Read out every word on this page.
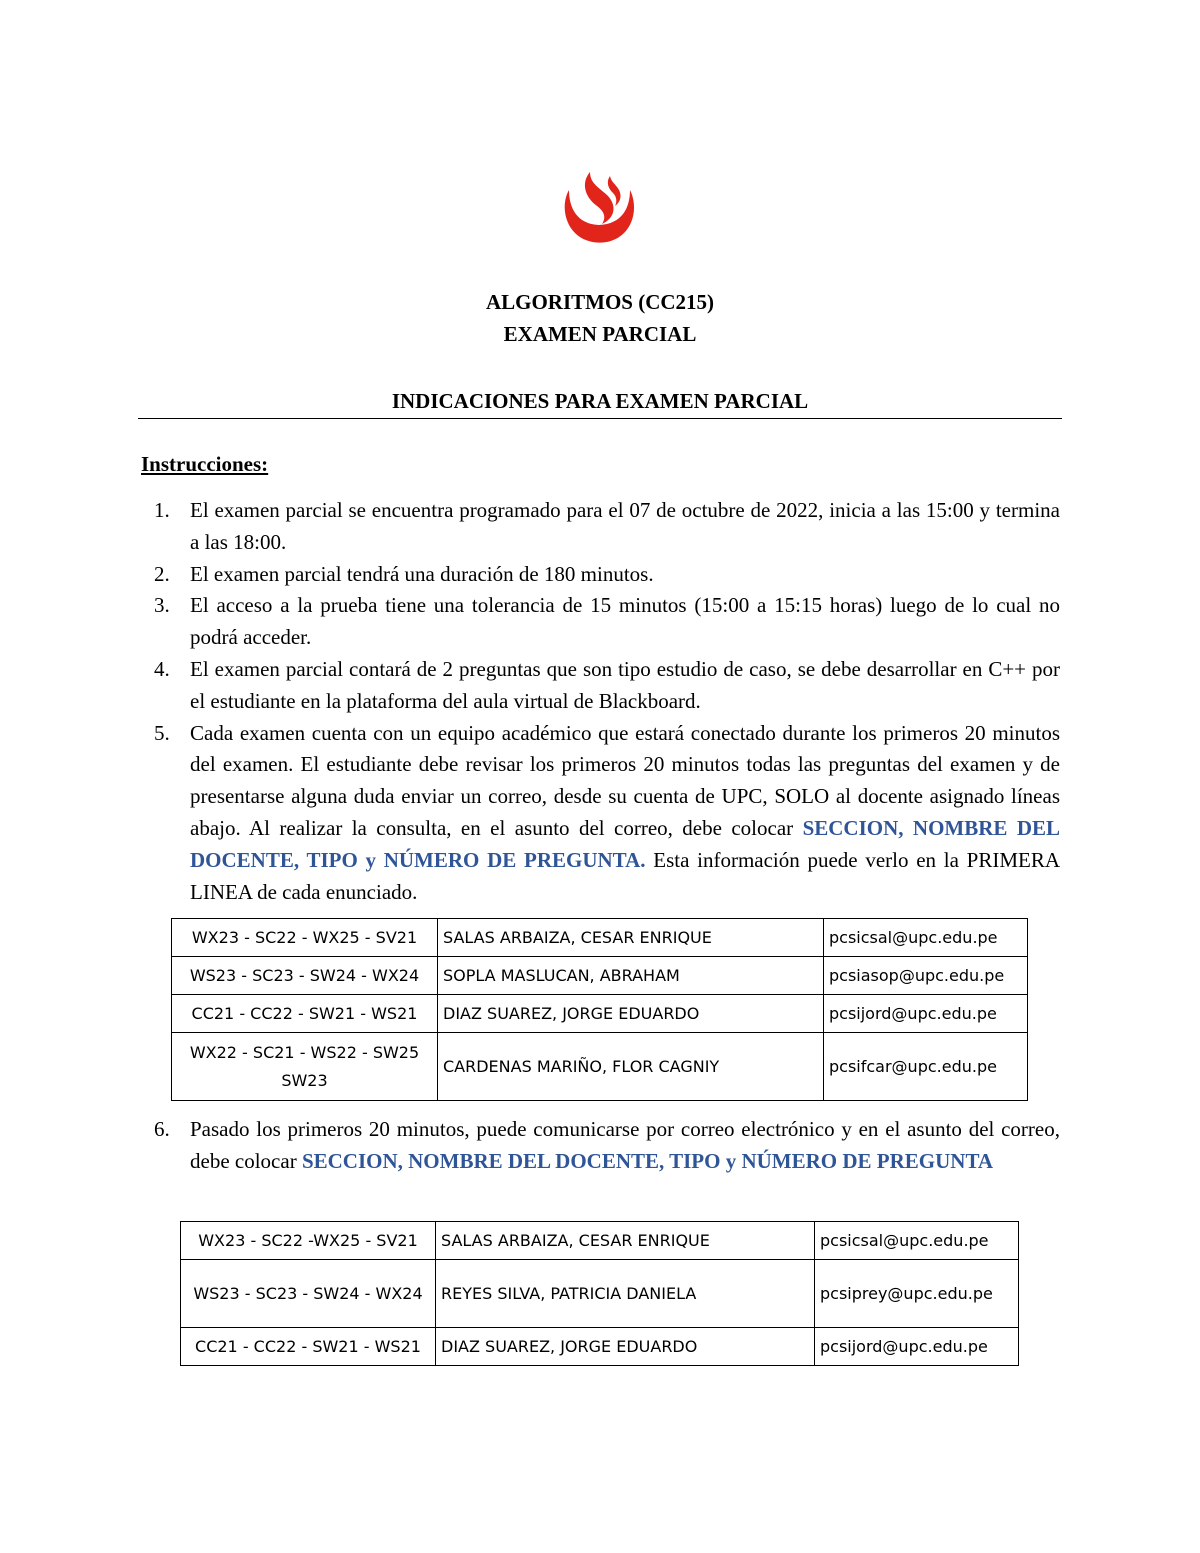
ALGORITMOS (CC215)
EXAMEN PARCIAL
INDICACIONES PARA EXAMEN PARCIAL
Instrucciones:
1. El examen parcial se encuentra programado para el 07 de octubre de 2022, inicia a las 15:00 y termina a las 18:00.
2. El examen parcial tendrá una duración de 180 minutos.
3. El acceso a la prueba tiene una tolerancia de 15 minutos (15:00 a 15:15 horas) luego de lo cual no podrá acceder.
4. El examen parcial contará de 2 preguntas que son tipo estudio de caso, se debe desarrollar en C++ por el estudiante en la plataforma del aula virtual de Blackboard.
5. Cada examen cuenta con un equipo académico que estará conectado durante los primeros 20 minutos del examen. El estudiante debe revisar los primeros 20 minutos todas las preguntas del examen y de presentarse alguna duda enviar un correo, desde su cuenta de UPC, SOLO al docente asignado líneas abajo. Al realizar la consulta, en el asunto del correo, debe colocar SECCION, NOMBRE DEL DOCENTE, TIPO y NÚMERO DE PREGUNTA. Esta información puede verlo en la PRIMERA LINEA de cada enunciado.
WX23 - SC22 - WX25 - SV21	SALAS ARBAIZA, CESAR ENRIQUE	pcsicsal@upc.edu.pe
WS23 - SC23 - SW24 - WX24	SOPLA MASLUCAN, ABRAHAM	pcsiasop@upc.edu.pe
CC21 - CC22 - SW21 - WS21	DIAZ SUAREZ, JORGE EDUARDO	pcsijord@upc.edu.pe
WX22 - SC21 - WS22 - SW25 SW23	CARDENAS MARIÑO, FLOR CAGNIY	pcsifcar@upc.edu.pe
6. Pasado los primeros 20 minutos, puede comunicarse por correo electrónico y en el asunto del correo, debe colocar SECCION, NOMBRE DEL DOCENTE, TIPO y NÚMERO DE PREGUNTA
WX23 - SC22 -WX25 - SV21	SALAS ARBAIZA, CESAR ENRIQUE	pcsicsal@upc.edu.pe
WS23 - SC23 - SW24 - WX24	REYES SILVA, PATRICIA DANIELA	pcsiprey@upc.edu.pe
CC21 - CC22 - SW21 - WS21	DIAZ SUAREZ, JORGE EDUARDO	pcsijord@upc.edu.pe
